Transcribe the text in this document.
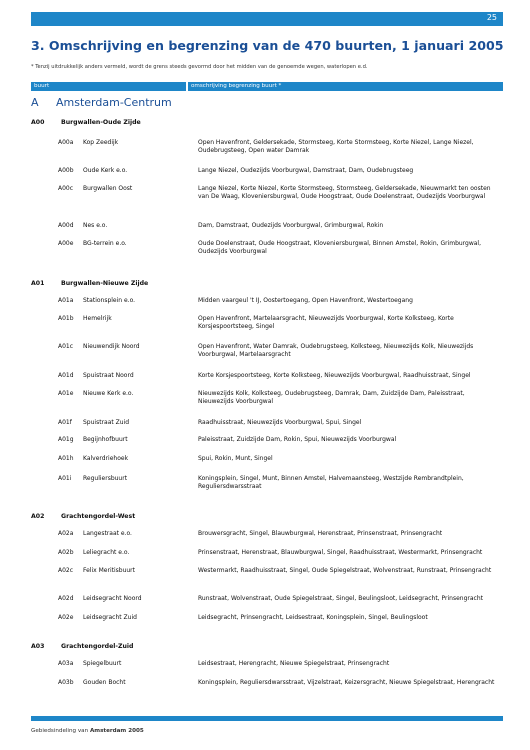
25
3. Omschrijving en begrenzing van de 470 buurten, 1 januari 2005
* Tenzij uitdrukkelijk anders vermeld, wordt de grens steeds gevormd door het midden van de genoemde wegen, waterlopen e.d.
buurt	omschrijving begrenzing buurt *
A Amsterdam-Centrum
A00	Burgwallen-Oude Zijde
A00a Kop Zeedijk	Open Havenfront, Geldersekade, Stormsteeg, Korte Stormsteeg, Korte Niezel, Lange Niezel, Oudebrugsteeg, Open water Damrak
A00b Oude Kerk e.o.	Lange Niezel, Oudezijds Voorburgwal, Damstraat, Dam, Oudebrugsteeg
A00c Burgwallen Oost	Lange Niezel, Korte Niezel, Korte Stormsteeg, Stormsteeg, Geldersekade, Nieuwmarkt ten oosten van De Waag, Kloveniersburgwal, Oude Hoogstraat, Oude Doelenstraat, Oudezijds Voorburgwal
A00d Nes e.o.	Dam, Damstraat, Oudezijds Voorburgwal, Grimburgwal, Rokin
A00e BG-terrein e.o.	Oude Doelenstraat, Oude Hoogstraat, Kloveniersburgwal, Binnen Amstel, Rokin, Grimburgwal, Oudezijds Voorburgwal
A01	Burgwallen-Nieuwe Zijde
A01a Stationsplein e.o.	Midden vaargeul 't IJ, Oostertoegang, Open Havenfront, Westertoegang
A01b Hemelrijk	Open Havenfront, Martelaarsgracht, Nieuwezijds Voorburgwal, Korte Kolksteeg, Korte Korsjespoortsteeg, Singel
A01c Nieuwendijk Noord	Open Havenfront, Water Damrak, Oudebrugsteeg, Kolksteeg, Nieuwezijds Kolk, Nieuwezijds Voorburgwal, Martelaarsgracht
A01d Spuistraat Noord	Korte Korsjespoortsteeg, Korte Kolksteeg, Nieuwezijds Voorburgwal, Raadhuisstraat, Singel
A01e Nieuwe Kerk e.o.	Nieuwezijds Kolk, Kolksteeg, Oudebrugsteeg, Damrak, Dam, Zuidzijde Dam, Paleisstraat, Nieuwezijds Voorburgwal
A01f Spuistraat Zuid	Raadhuisstraat, Nieuwezijds Voorburgwal, Spui, Singel
A01g Begijnhofbuurt	Paleisstraat, Zuidzijde Dam, Rokin, Spui, Nieuwezijds Voorburgwal
A01h Kalverdriehoek	Spui, Rokin, Munt, Singel
A01i Reguliersbuurt	Koningsplein, Singel, Munt, Binnen Amstel, Halvemaansteeg, Westzijde Rembrandtplein, Reguliersdwarsstraat
A02	Grachtengordel-West
A02a Langestraat e.o.	Brouwersgracht, Singel, Blauwburgwal, Herenstraat, Prinsenstraat, Prinsengracht
A02b Leliegracht e.o.	Prinsenstraat, Herenstraat, Blauwburgwal, Singel, Raadhuisstraat, Westermarkt, Prinsengracht
A02c Felix Meritisbuurt	Westermarkt, Raadhuisstraat, Singel, Oude Spiegelstraat, Wolvenstraat, Runstraat, Prinsengracht
A02d Leidsegracht Noord	Runstraat, Wolvenstraat, Oude Spiegelstraat, Singel, Beulingsloot, Leidsegracht, Prinsengracht
A02e Leidsegracht Zuid	Leidsegracht, Prinsengracht, Leidsestraat, Koningsplein, Singel, Beulingsloot
A03	Grachtengordel-Zuid
A03a Spiegelbuurt	Leidsestraat, Herengracht, Nieuwe Spiegelstraat, Prinsengracht
A03b Gouden Bocht	Koningsplein, Reguliersdwarsstraat, Vijzelstraat, Keizersgracht, Nieuwe Spiegelstraat, Herengracht
Gebiedsindeling van Amsterdam 2005
